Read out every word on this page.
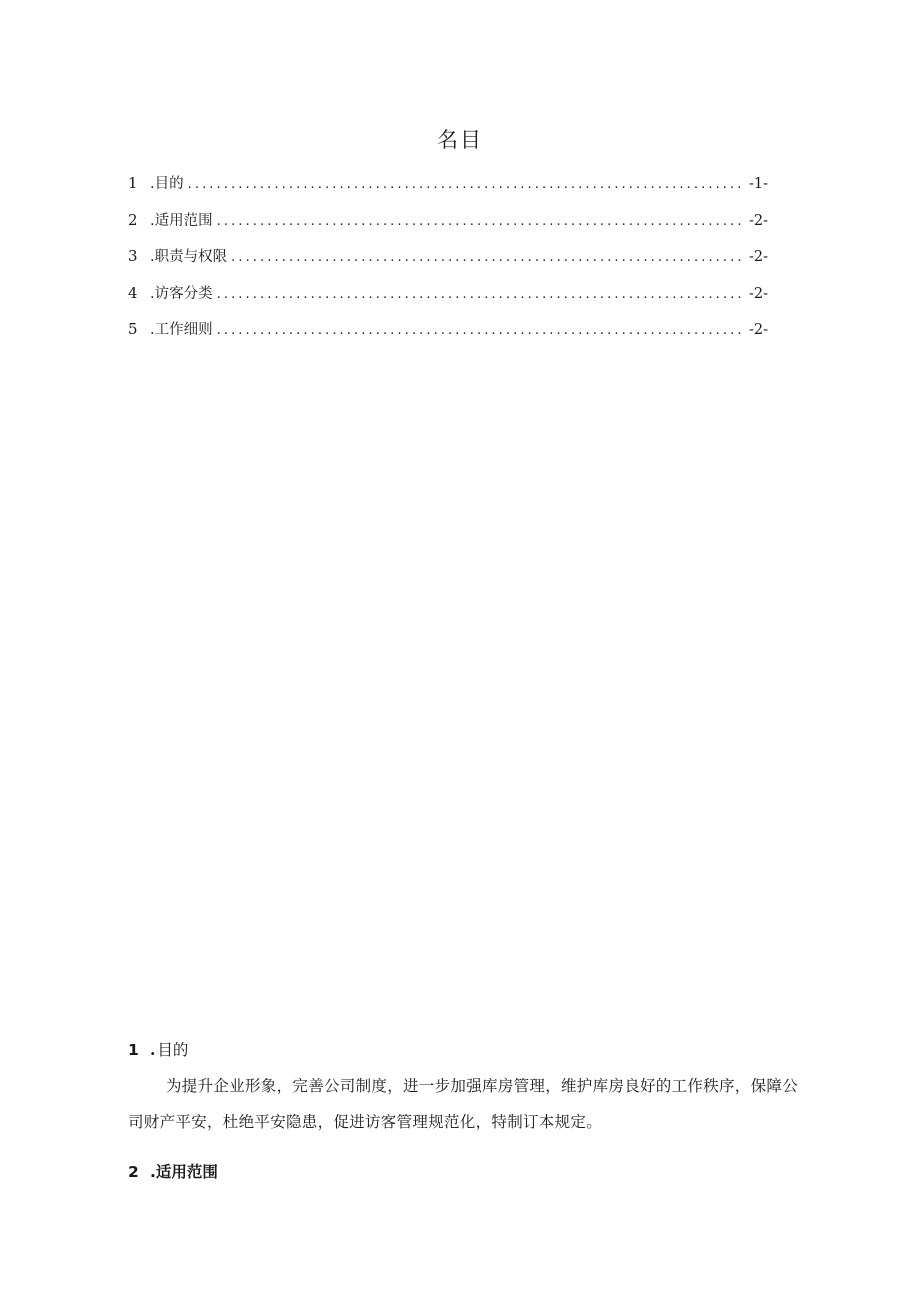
名目
1 .目的 .....	-1-
2 .适用范围 .....	-2-
3 .职责与权限 .....	-2-
4 .访客分类 .....	-2-
5 .工作细则 .....	-2-
1 . 目的

为提升企业形象，完善公司制度，进一步加强库房管理，维护库房良好的工作秩序，保障公司财产平安，杜绝平安隐患，促进访客管理规范化，特制订本规定。

2 .适用范围
